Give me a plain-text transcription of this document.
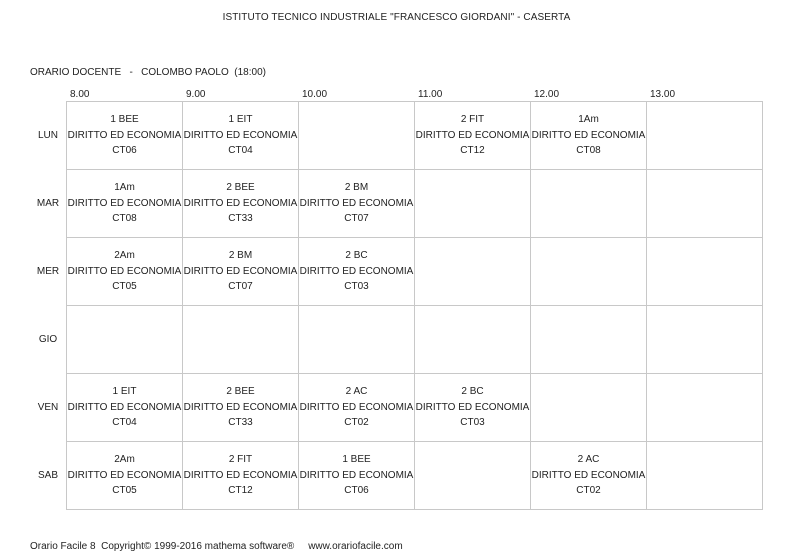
ISTITUTO TECNICO INDUSTRIALE "FRANCESCO GIORDANI" - CASERTA
ORARIO DOCENTE   -   COLOMBO PAOLO  (18:00)
8.00	9.00	10.00	11.00	12.00	13.00
LUN	1 BEE
DIRITTO ED ECONOMIA
CT06	1 EIT
DIRITTO ED ECONOMIA
CT04		2 FIT
DIRITTO ED ECONOMIA
CT12	1Am
DIRITTO ED ECONOMIA
CT08	

MAR	1Am
DIRITTO ED ECONOMIA
CT08	2 BEE
DIRITTO ED ECONOMIA
CT33	2 BM
DIRITTO ED ECONOMIA
CT07			

MER	2Am
DIRITTO ED ECONOMIA
CT05	2 BM
DIRITTO ED ECONOMIA
CT07	2 BC
DIRITTO ED ECONOMIA
CT03			

GIO						
VEN	1 EIT
DIRITTO ED ECONOMIA
CT04	2 BEE
DIRITTO ED ECONOMIA
CT33	2 AC
DIRITTO ED ECONOMIA
CT02	2 BC
DIRITTO ED ECONOMIA
CT03		

SAB	2Am
DIRITTO ED ECONOMIA
CT05	2 FIT
DIRITTO ED ECONOMIA
CT12	1 BEE
DIRITTO ED ECONOMIA
CT06		2 AC
DIRITTO ED ECONOMIA
CT02	

Orario Facile 8  Copyright© 1999-2016 mathema software®     www.orariofacile.com
